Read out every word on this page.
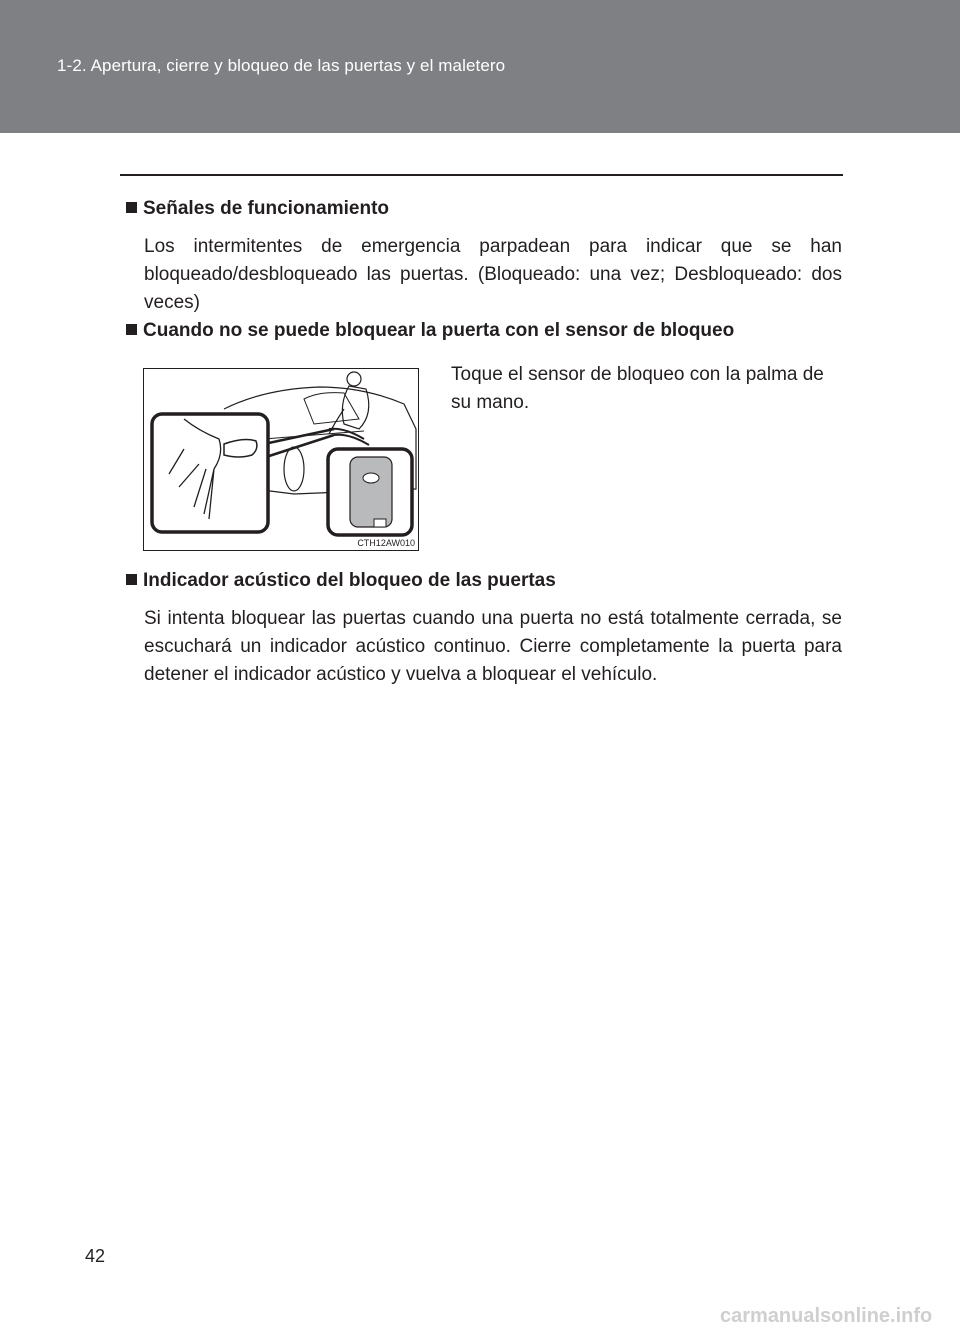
1-2. Apertura, cierre y bloqueo de las puertas y el maletero
Señales de funcionamiento
Los intermitentes de emergencia parpadean para indicar que se han bloqueado/desbloqueado las puertas. (Bloqueado: una vez; Desbloqueado: dos veces)
Cuando no se puede bloquear la puerta con el sensor de bloqueo
CTH12AW010
Toque el sensor de bloqueo con la palma de su mano.
Indicador acústico del bloqueo de las puertas
Si intenta bloquear las puertas cuando una puerta no está totalmente cerrada, se escuchará un indicador acústico continuo. Cierre completamente la puerta para detener el indicador acústico y vuelva a bloquear el vehículo.
42
carmanualsonline.info
